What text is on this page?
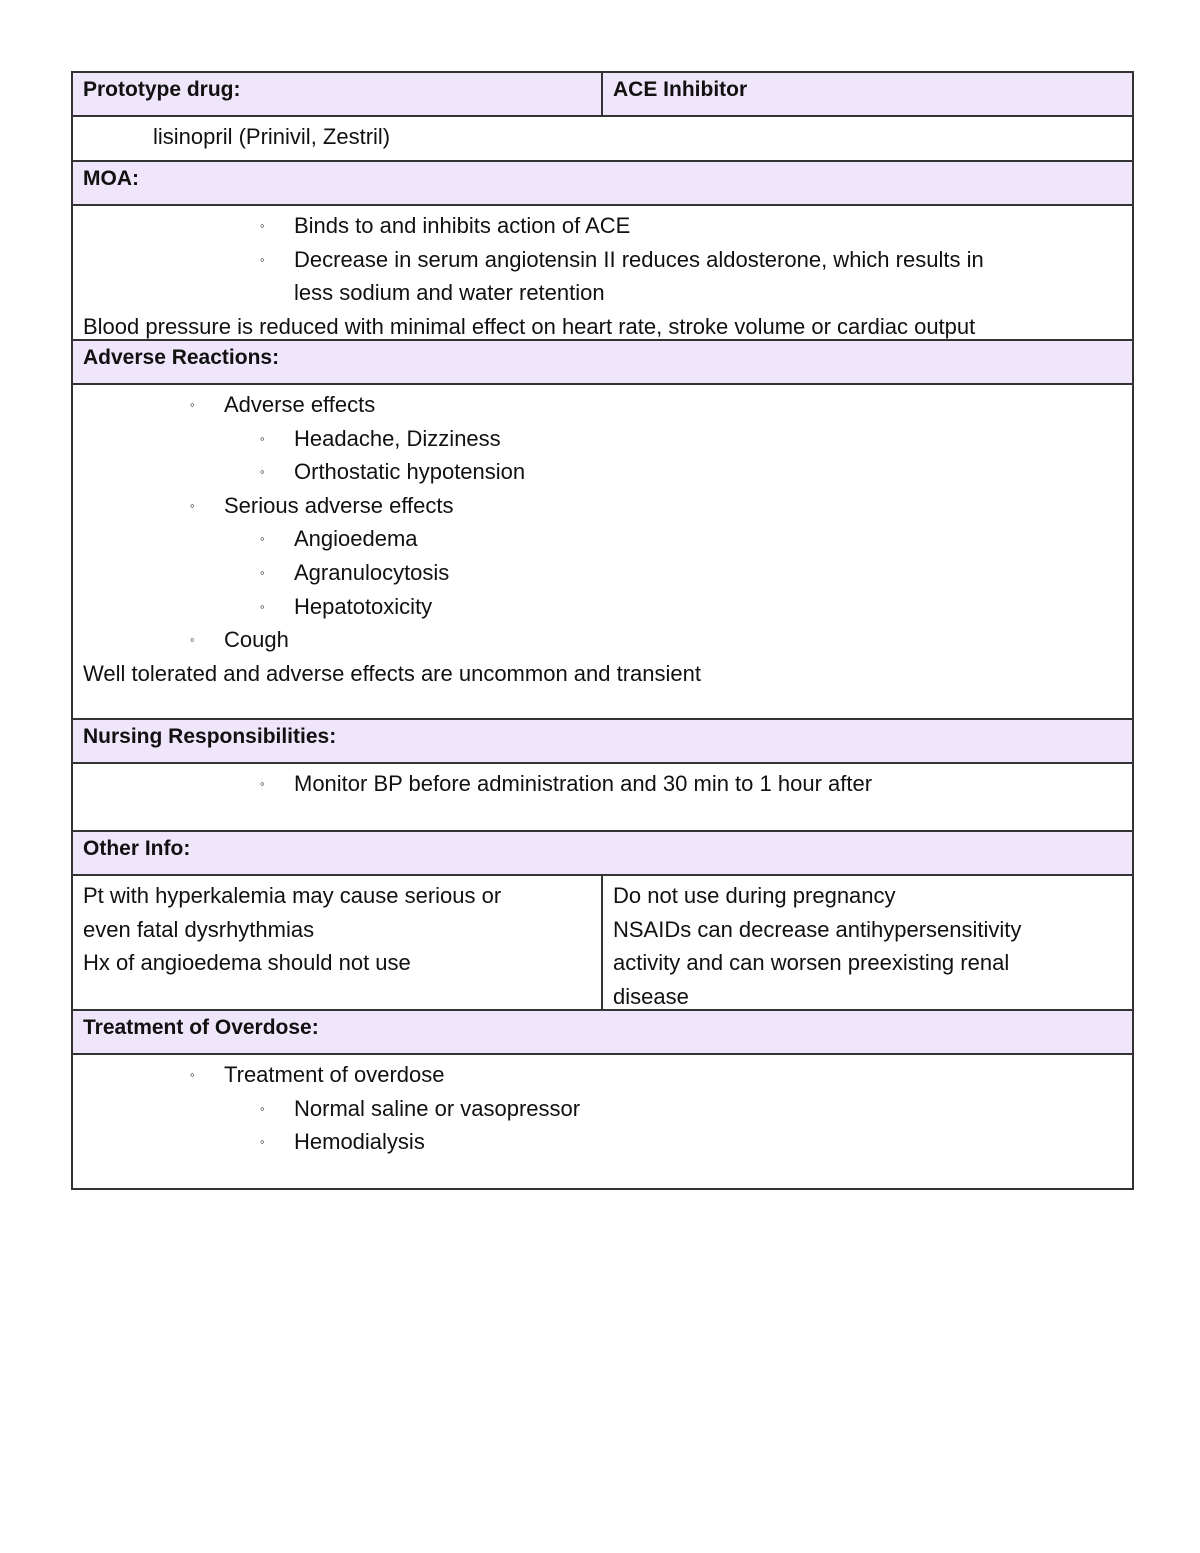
Prototype drug:	ACE Inhibitor
lisinopril (Prinivil, Zestril)
MOA:
◦ Binds to and inhibits action of ACE
◦ Decrease in serum angiotensin II reduces aldosterone, which results in
less sodium and water retention
Blood pressure is reduced with minimal effect on heart rate, stroke volume or cardiac output
Adverse Reactions:
◦ Adverse effects
◦ Headache, Dizziness
◦ Orthostatic hypotension
◦ Serious adverse effects
◦ Angioedema
◦ Agranulocytosis
◦ Hepatotoxicity
◦ Cough
Well tolerated and adverse effects are uncommon and transient
Nursing Responsibilities:
◦ Monitor BP before administration and 30 min to 1 hour after
Other Info:
Pt with hyperkalemia may cause serious or
even fatal dysrhythmias
Hx of angioedema should not use
Do not use during pregnancy
NSAIDs can decrease antihypersensitivity
activity and can worsen preexisting renal
disease
Treatment of Overdose:
◦ Treatment of overdose
◦ Normal saline or vasopressor
◦ Hemodialysis
